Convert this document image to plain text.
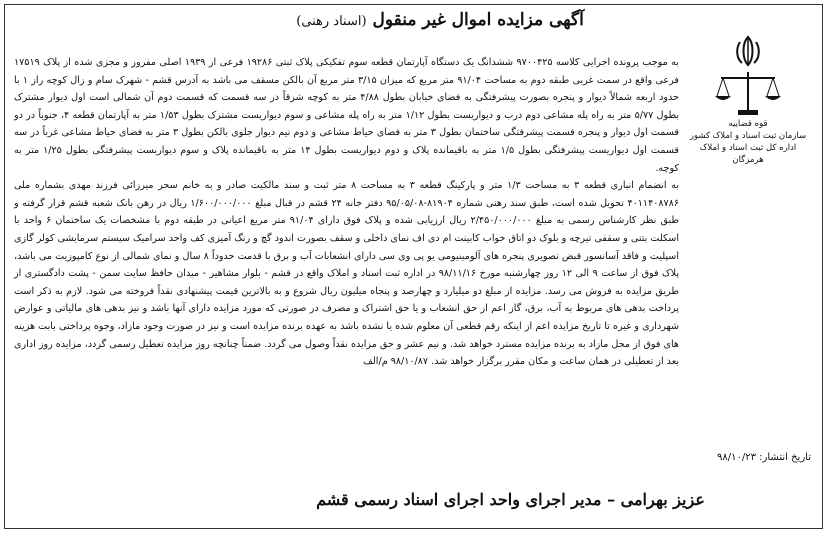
آگهی مزایده اموال غیر منقول (اسناد رهنی)
قوه قضاییه
سازمان ثبت اسناد و املاک کشور
اداره کل ثبت اسناد و املاک هرمزگان

به موجب پرونده اجرایی کلاسه ۹۷۰۰۴۲۵ ششدانگ یک دستگاه آپارتمان قطعه سوم تفکیکی پلاک ثبتی ۱۹۲۸۶ فرعی از ۱۹۳۹ اصلی مفروز و مجزی شده از پلاک ۱۷۵۱۹ فرعی واقع در سمت غربی طبقه دوم به مساحت ۹۱/۰۴ متر مربع که میزان ۳/۱۵ متر مربع آن بالکن مسقف می باشد به آدرس قشم - شهرک سام و زال کوچه راز ۱ با حدود اربعه شمالاً دیوار و پنجره بصورت پیشرفتگی به فضای خیابان بطول ۴/۸۸ متر به کوچه شرقاً در سه قسمت که قسمت دوم آن شمالی است اول دیوار مشترک بطول ۵/۷۷ متر به راه پله مشاعی دوم درب و دیواریست بطول ۱/۱۲ متر به راه پله مشاعی و سوم دیواریست مشترک بطول ۱/۵۳ متر به آپارتمان قطعه ۴، جنوباً در دو قسمت اول دیوار و پنجره قسمت پیشرفتگی ساختمان بطول ۳ متر به فضای حیاط مشاعی و دوم نیم دیوار جلوی بالکن بطول ۳ متر به فضای حیاط مشاعی غرباً در سه قسمت اول دیواریست پیشرفتگی بطول ۱/۵ متر به باقیمانده پلاک و دوم دیواریست بطول ۱۴ متر به باقیمانده پلاک و سوم دیواریست پیشرفتگی بطول ۱/۲۵ متر به کوچه.

به انضمام انباری قطعه ۳ به مساحت ۱/۳ متر و پارکینگ قطعه ۳ به مساحت ۸ متر ثبت و سند مالکیت صادر و به خانم سحر میرزائی فرزند مهدی بشماره ملی ۴۰۱۱۴۰۸۷۸۶ تحویل شده است، طبق سند رهنی شماره ۸۱۹۰۴-۹۵/۰۵/۰۸ دفتر خانه ۲۴ قشم در قبال مبلغ ۱/۶۰۰/۰۰۰/۰۰۰ ریال در رهن بانک شعبه قشم قرار گرفته و طبق نظر کارشناس رسمی به مبلغ ۲/۴۵۰/۰۰۰/۰۰۰ ریال ارزیابی شده و پلاک فوق دارای ۹۱/۰۴ متر مربع اعیانی در طبقه دوم با مشخصات یک ساختمان ۶ واحد با اسکلت بتنی و سقفی تیرچه و بلوک دو اتاق خواب کابینت ام دی اف نمای داخلی و سقف بصورت اندود گچ و رنگ آمیزی کف واحد سرامیک سیستم سرمایشی کولر گازی اسپلیت و فاقد آسانسور قبض تصویری پنجره های آلومینیومی یو پی وی سی دارای انشعابات آب و برق با قدمت حدوداً ۸ سال و نمای شمالی از نوع کامپوزیت می باشد، پلاک فوق از ساعت ۹ الی ۱۲ روز چهارشنبه مورخ ۹۸/۱۱/۱۶ در اداره ثبت اسناد و املاک واقع در قشم - بلوار مشاهیر - میدان حافظ سایت سمن - پشت دادگستری از طریق مزایده به فروش می رسد. مزایده از مبلغ دو میلیارد و چهارصد و پنجاه میلیون ریال شروع و به بالاترین قیمت پیشنهادی نقداً فروخته می شود. لازم به ذکر است پرداخت بدهی های مربوط به آب، برق، گاز اعم از حق انشعاب و یا حق اشتراک و مصرف در صورتی که مورد مزایده دارای آنها باشد و نیز بدهی های مالیاتی و عوارض شهرداری و غیره تا تاریخ مزایده اعم از اینکه رقم قطعی آن معلوم شده یا نشده باشد به عهده برنده مزایده است و نیز در صورت وجود مازاد، وجوه پرداختی بابت هزینه های فوق از محل مازاد به برنده مزایده مسترد خواهد شد. و نیم عشر و حق مزایده نقداً وصول می گردد. ضمناً چنانچه روز مزایده تعطیل رسمی گردد، مزایده روز اداری بعد از تعطیلی در همان ساعت و مکان مقرر برگزار خواهد شد. ۹۸/۱۰/۸۷ م/الف

تاریخ انتشار: ۹۸/۱۰/۲۳
عزیز بهرامی – مدیر اجرای واحد اجرای اسناد رسمی قشم
